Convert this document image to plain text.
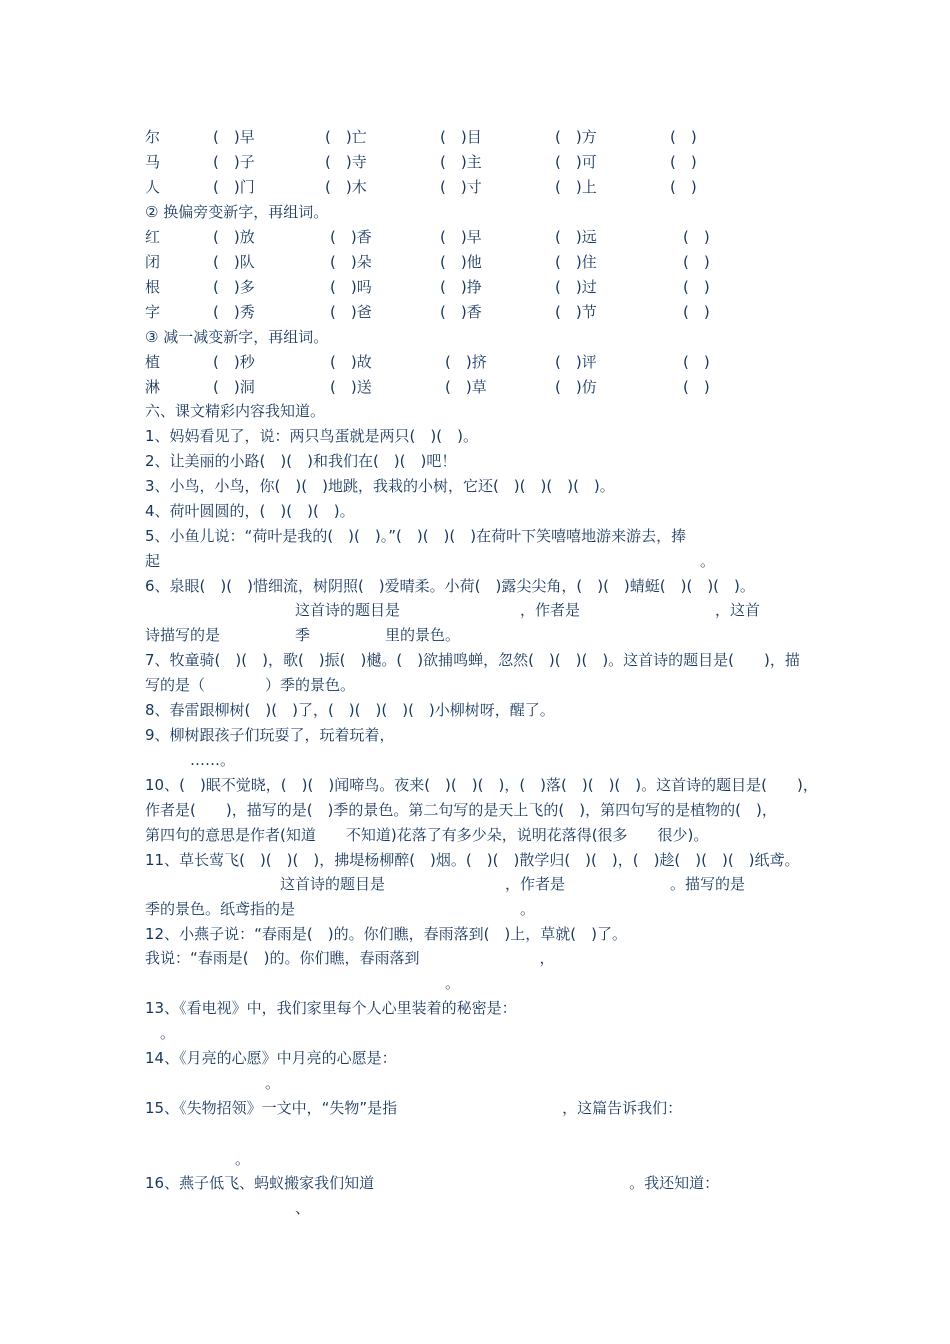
尔	(　)早	(　)亡	(　)目	(　)方	(　)
马	(　)子	(　)寺	(　)主	(　)可	(　)
人	(　)门	(　)木	(　)寸	(　)上	(　)
② 换偏旁变新字，再组词。
红	(　)放	(　)香	(　)早	(　)远	(　)
闭	(　)队	(　)朵	(　)他	(　)住	(　)
根	(　)多	(　)吗	(　)挣	(　)过	(　)
字	(　)秀	(　)爸	(　)香	(　)节	(　)
③ 减一减变新字，再组词。
植	(　)秒	(　)故	(　)挤	(　)评	(　)
淋	(　)洞	(　)送	(　)草	(　)仿	(　)
六、课文精彩内容我知道。
1、妈妈看见了，说：两只鸟蛋就是两只(　)(　)。
2、让美丽的小路(　)(　)和我们在(　)(　)吧！
3、小鸟，小鸟，你(　)(　)地跳，我栽的小树，它还(　)(　)(　)(　)。
4、荷叶圆圆的，(　)(　)(　)。
5、小鱼儿说：“荷叶是我的(　)(　)。”(　)(　)(　)在荷叶下笑嘻嘻地游来游去，捧
起　　　　　　　　　　　　　　　　　　　　　　　　　　　　　　　　　　　　。
6、泉眼(　)(　)惜细流，树阴照(　)爱晴柔。小荷(　)露尖尖角，(　)(　)蜻蜓(　)(　)(　)。
　　　　　　　　　　这首诗的题目是　　　　　　　　，作者是　　　　　　　　　，这首
诗描写的是　　　　　季　　　　　里的景色。
7、牧童骑(　)(　)，歌(　)振(　)樾。(　)欲捕鸣蝉，忽然(　)(　)(　)。这首诗的题目是(　　)，描
写的是（　　　　）季的景色。
8、春雷跟柳树(　)(　)了，(　)(　)(　)(　)小柳树呀，醒了。
9、柳树跟孩子们玩耍了，玩着玩着，
　　　……。
10、(　)眠不觉晓，(　)(　)闻啼鸟。夜来(　)(　)(　)，(　)落(　)(　)(　)。这首诗的题目是(　　)，
作者是(　　)，描写的是(　)季的景色。第二句写的是天上飞的(　)，第四句写的是植物的(　)，
第四句的意思是作者(知道　　不知道)花落了有多少朵，说明花落得(很多　　很少)。
11、草长莺飞(　)(　)(　)，拂堤杨柳醉(　)烟。(　)(　)散学归(　)(　)，(　)趁(　)(　)(　)纸鸢。
　　　　　　　　　这首诗的题目是　　　　　　　　，作者是　　　　　　　。描写的是
季的景色。纸鸢指的是　　　　　　　　　　　　　　　。
12、小燕子说：“春雨是(　)的。你们瞧，春雨落到(　)上，草就(　)了。
我说：“春雨是(　)的。你们瞧，春雨落到　　　　　　　　，
　　　　　　　　　　　　　　　　　　　　。
13、《看电视》中，我们家里每个人心里装着的秘密是：
　。
14、《月亮的心愿》中月亮的心愿是：
　　　　　　　　。
15、《失物招领》一文中，“失物”是指　　　　　　　　　　　，这篇告诉我们：
　　　　　　。
16、燕子低飞、蚂蚁搬家我们知道　　　　　　　　　　　　　　　　　。我还知道：
　　　　　　　　　　、
